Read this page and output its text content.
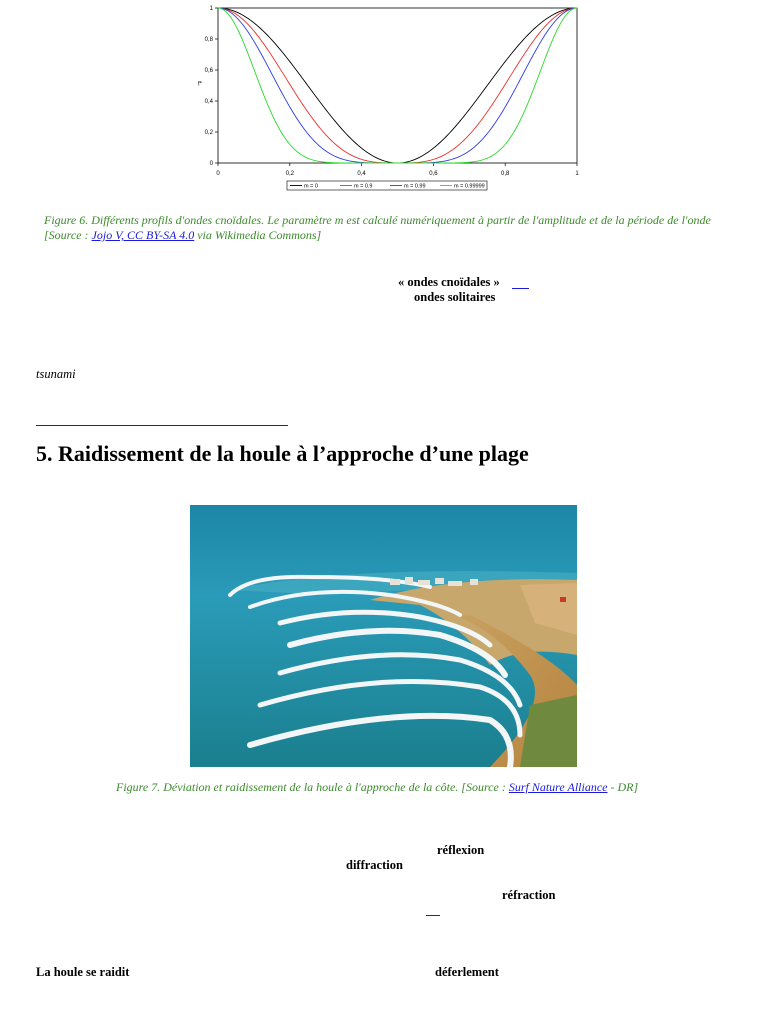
0	0,2	0,4	0,6	0,8	1
0
0,2
0,4
0,6
0,8
1
f*
m = 0	m = 0.9	m = 0.99	m = 0.99999
Figure 6. Différents profils d'ondes cnoïdales. Le paramètre m est calculé numériquement à partir de l'amplitude et de la période de l'onde
[Source : Jojo V, CC BY-SA 4.0 via Wikimedia Commons]
« ondes cnoïdales »
ondes solitaires
tsunami
5. Raidissement de la houle à l’approche d’une plage
Figure 7. Déviation et raidissement de la houle à l'approche de la côte. [Source : Surf Nature Alliance - DR]
réflexion
diffraction
réfraction
La houle se raidit	déferlement
